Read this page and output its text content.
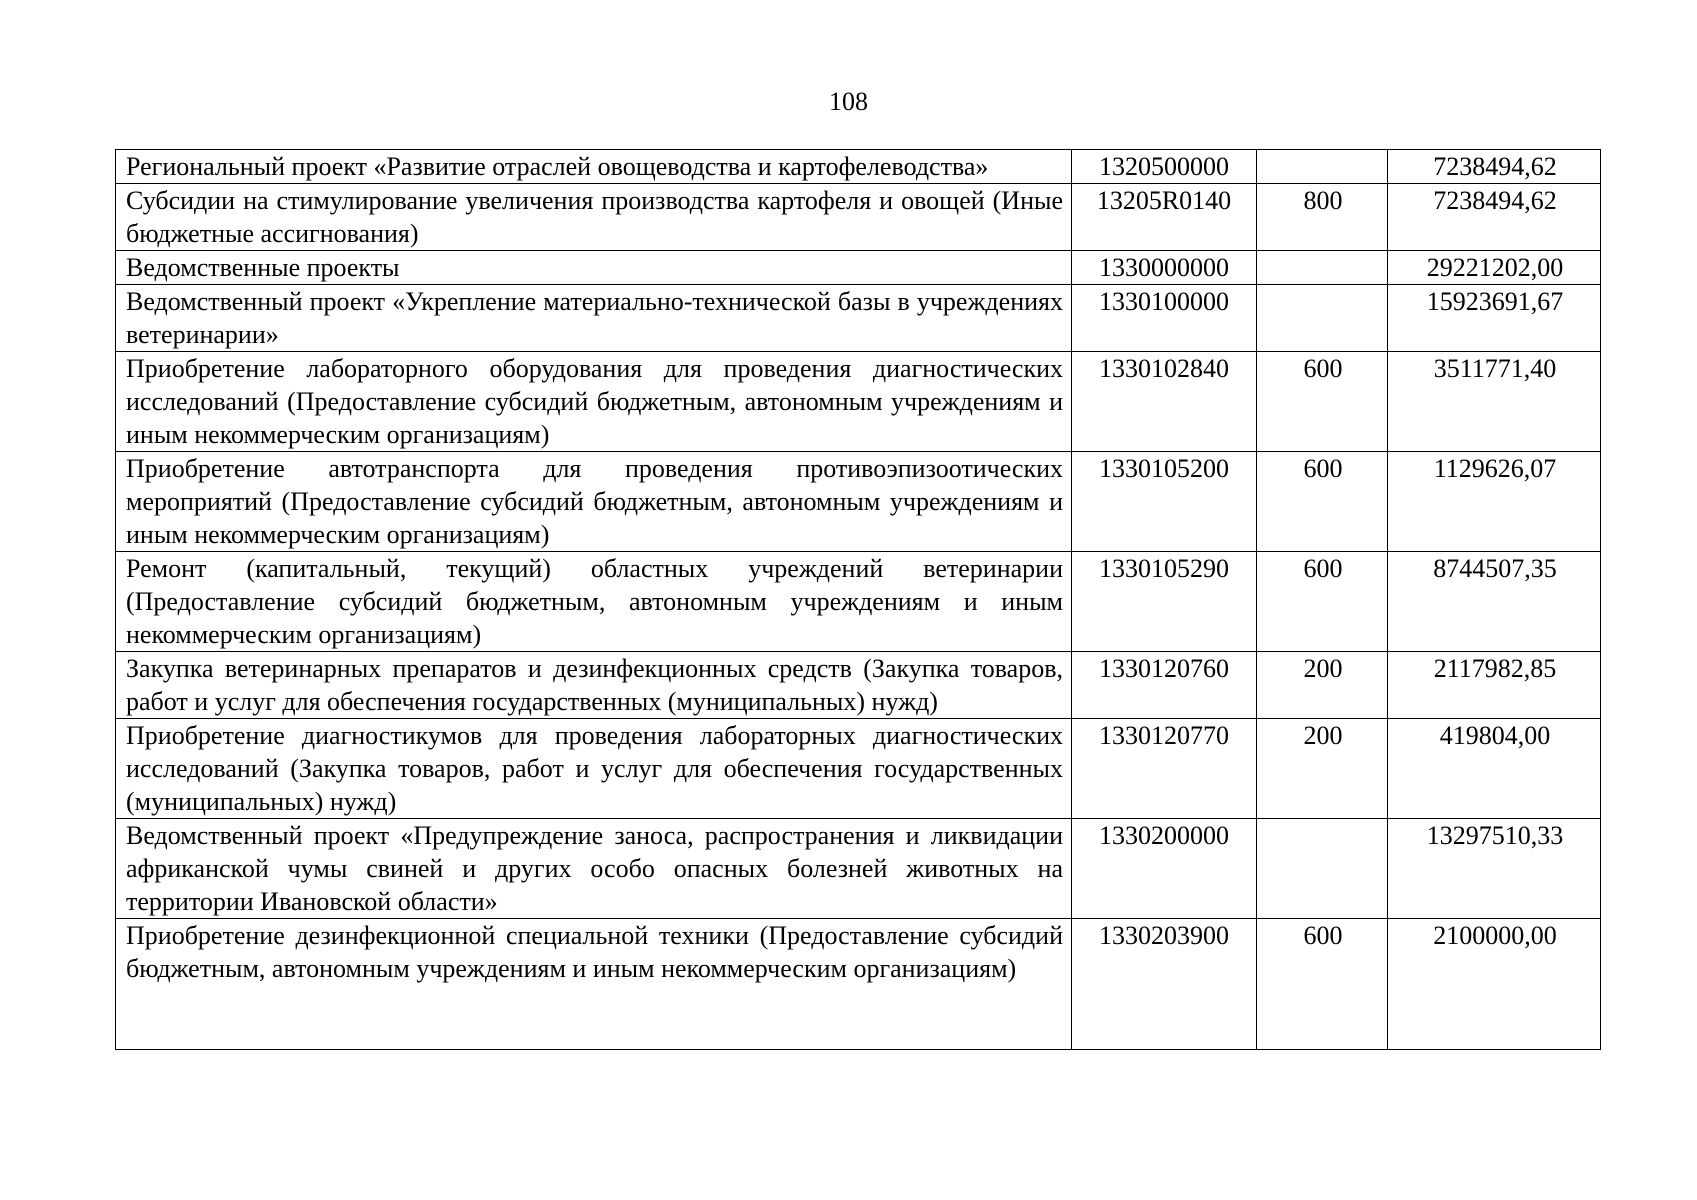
108
Региональный проект «Развитие отраслей овощеводства и картофелеводства»	1320500000		7238494,62
Субсидии на стимулирование увеличения производства картофеля и овощей (Иные бюджетные ассигнования)	13205R0140	800	7238494,62
Ведомственные проекты	1330000000		29221202,00
Ведомственный проект «Укрепление материально-технической базы в учреждениях ветеринарии»	1330100000		15923691,67
Приобретение лабораторного оборудования для проведения диагностических исследований (Предоставление субсидий бюджетным, автономным учреждениям и иным некоммерческим организациям)	1330102840	600	3511771,40
Приобретение автотранспорта для проведения противоэпизоотических мероприятий (Предоставление субсидий бюджетным, автономным учреждениям и иным некоммерческим организациям)	1330105200	600	1129626,07
Ремонт (капитальный, текущий) областных учреждений ветеринарии (Предоставление субсидий бюджетным, автономным учреждениям и иным некоммерческим организациям)	1330105290	600	8744507,35
Закупка ветеринарных препаратов и дезинфекционных средств (Закупка товаров, работ и услуг для обеспечения государственных (муниципальных) нужд)	1330120760	200	2117982,85
Приобретение диагностикумов для проведения лабораторных диагностических исследований (Закупка товаров, работ и услуг для обеспечения государственных (муниципальных) нужд)	1330120770	200	419804,00
Ведомственный проект «Предупреждение заноса, распространения и ликвидации африканской чумы свиней и других особо опасных болезней животных на территории Ивановской области»	1330200000		13297510,33
Приобретение дезинфекционной специальной техники (Предоставление субсидий бюджетным, автономным учреждениям и иным некоммерческим организациям)	1330203900	600	2100000,00
